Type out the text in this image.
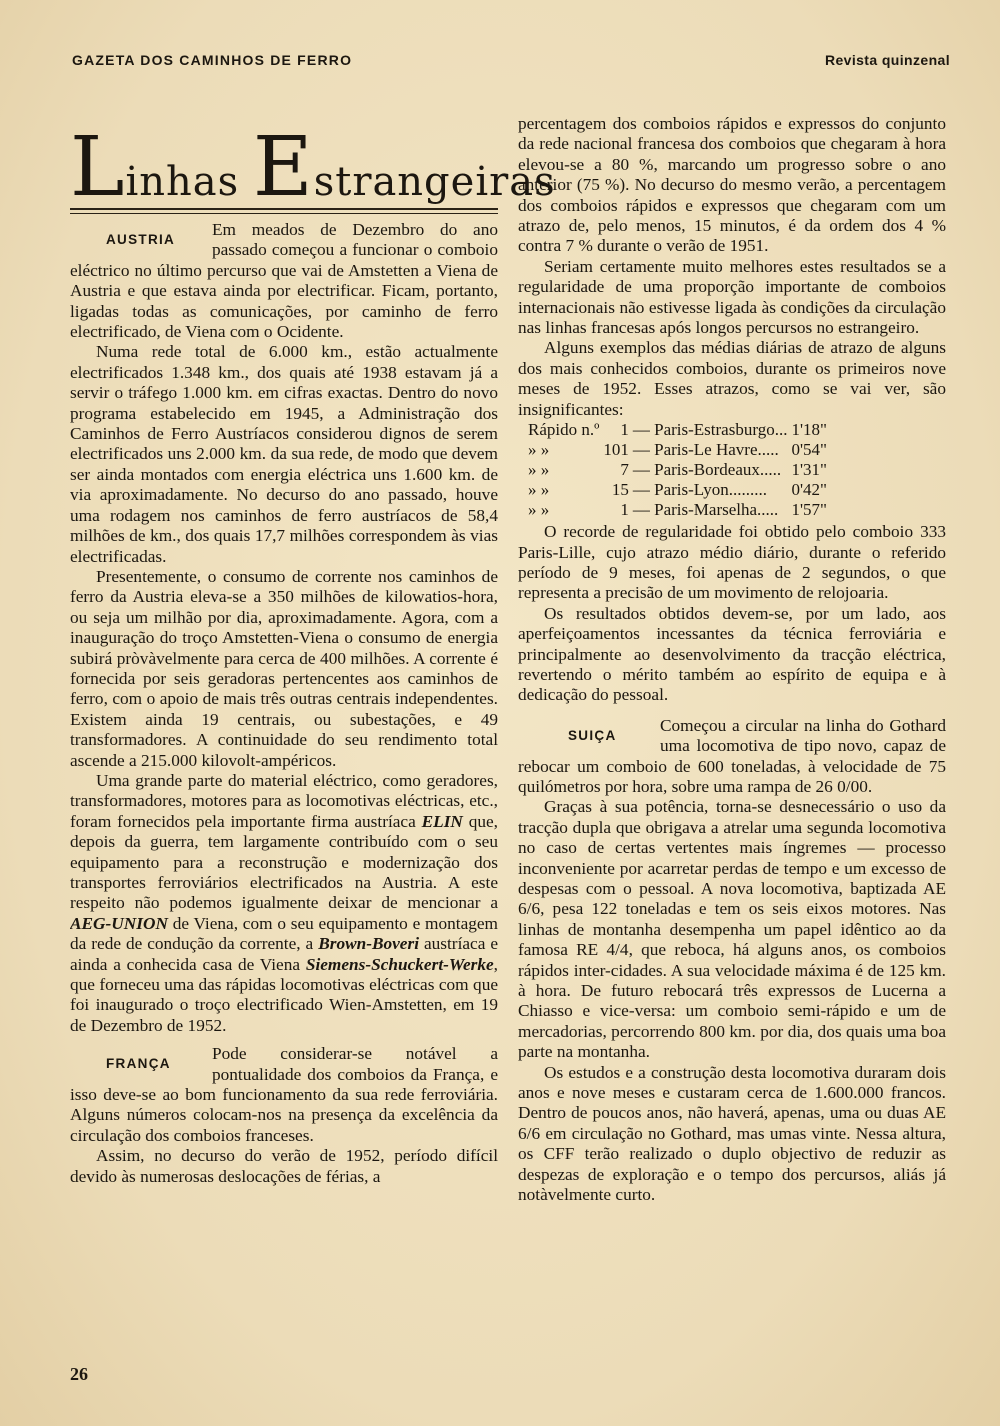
GAZETA DOS CAMINHOS DE FERRO	Revista quinzenal
Linhas Estrangeiras
AUSTRIA

Em meados de Dezembro do ano passado começou a funcionar o comboio eléctrico no último percurso que vai de Amstetten a Viena de Austria e que estava ainda por electrificar. Ficam, portanto, ligadas todas as comunicações, por caminho de ferro electrificado, de Viena com o Ocidente.

Numa rede total de 6.000 km., estão actualmente electrificados 1.348 km., dos quais até 1938 estavam já a servir o tráfego 1.000 km. em cifras exactas. Dentro do novo programa estabelecido em 1945, a Administração dos Caminhos de Ferro Austríacos considerou dignos de serem electrificados uns 2.000 km. da sua rede, de modo que devem ser ainda montados com energia eléctrica uns 1.600 km. de via aproximadamente. No decurso do ano passado, houve uma rodagem nos caminhos de ferro austríacos de 58,4 milhões de km., dos quais 17,7 milhões correspondem às vias electrificadas.

Presentemente, o consumo de corrente nos caminhos de ferro da Austria eleva-se a 350 milhões de kilowatios-hora, ou seja um milhão por dia, aproximadamente. Agora, com a inauguração do troço Amstetten-Viena o consumo de energia subirá pròvàvelmente para cerca de 400 milhões. A corrente é fornecida por seis geradoras pertencentes aos caminhos de ferro, com o apoio de mais três outras centrais independentes. Existem ainda 19 centrais, ou subestações, e 49 transformadores. A continuidade do seu rendimento total ascende a 215.000 kilovolt-ampéricos.

Uma grande parte do material eléctrico, como geradores, transformadores, motores para as locomotivas eléctricas, etc., foram fornecidos pela importante firma austríaca ELIN que, depois da guerra, tem largamente contribuído com o seu equipamento para a reconstrução e modernização dos transportes ferroviários electrificados na Austria. A este respeito não podemos igualmente deixar de mencionar a AEG-UNION de Viena, com o seu equipamento e montagem da rede de condução da corrente, a Brown-Boveri austríaca e ainda a conhecida casa de Viena Siemens-Schuckert-Werke, que forneceu uma das rápidas locomotivas eléctricas com que foi inaugurado o troço electrificado Wien-Amstetten, em 19 de Dezembro de 1952.

FRANÇA

Pode considerar-se notável a pontualidade dos comboios da França, e isso deve-se ao bom funcionamento da sua rede ferroviária. Alguns números colocam-nos na presença da excelência da circulação dos comboios franceses.

Assim, no decurso do verão de 1952, período difícil devido às numerosas deslocações de férias, a

percentagem dos comboios rápidos e expressos do conjunto da rede nacional francesa dos comboios que chegaram à hora elevou-se a 80 %, marcando um progresso sobre o ano anterior (75 %). No decurso do mesmo verão, a percentagem dos comboios rápidos e expressos que chegaram com um atrazo de, pelo menos, 15 minutos, é da ordem dos 4 % contra 7 % durante o verão de 1951.

Seriam certamente muito melhores estes resultados se a regularidade de uma proporção importante de comboios internacionais não estivesse ligada às condições da circulação nas linhas francesas após longos percursos no estrangeiro.

Alguns exemplos das médias diárias de atrazo de alguns dos mais conhecidos comboios, durante os primeiros nove meses de 1952. Esses atrazos, como se vai ver, são insignificantes:

Rápido n.º	1	— Paris-Estrasburgo...	1'18"
» »	101	— Paris-Le Havre.....	0'54"
» »	7	— Paris-Bordeaux.....	1'31"
» »	15	— Paris-Lyon.........	0'42"
» »	1	— Paris-Marselha.....	1'57"

O recorde de regularidade foi obtido pelo comboio 333 Paris-Lille, cujo atrazo médio diário, durante o referido período de 9 meses, foi apenas de 2 segundos, o que representa a precisão de um movimento de relojoaria.

Os resultados obtidos devem-se, por um lado, aos aperfeiçoamentos incessantes da técnica ferroviária e principalmente ao desenvolvimento da tracção eléctrica, revertendo o mérito também ao espírito de equipa e à dedicação do pessoal.

SUIÇA

Começou a circular na linha do Gothard uma locomotiva de tipo novo, capaz de rebocar um comboio de 600 toneladas, à velocidade de 75 quilómetros por hora, sobre uma rampa de 26 0/00.

Graças à sua potência, torna-se desnecessário o uso da tracção dupla que obrigava a atrelar uma segunda locomotiva no caso de certas vertentes mais íngremes — processo inconveniente por acarretar perdas de tempo e um excesso de despesas com o pessoal. A nova locomotiva, baptizada AE 6/6, pesa 122 toneladas e tem os seis eixos motores. Nas linhas de montanha desempenha um papel idêntico ao da famosa RE 4/4, que reboca, há alguns anos, os comboios rápidos inter-cidades. A sua velocidade máxima é de 125 km. à hora. De futuro rebocará três expressos de Lucerna a Chiasso e vice-versa: um comboio semi-rápido e um de mercadorias, percorrendo 800 km. por dia, dos quais uma boa parte na montanha.

Os estudos e a construção desta locomotiva duraram dois anos e nove meses e custaram cerca de 1.600.000 francos. Dentro de poucos anos, não haverá, apenas, uma ou duas AE 6/6 em circulação no Gothard, mas umas vinte. Nessa altura, os CFF terão realizado o duplo objectivo de reduzir as despezas de exploração e o tempo dos percursos, aliás já notàvelmente curto.

26
